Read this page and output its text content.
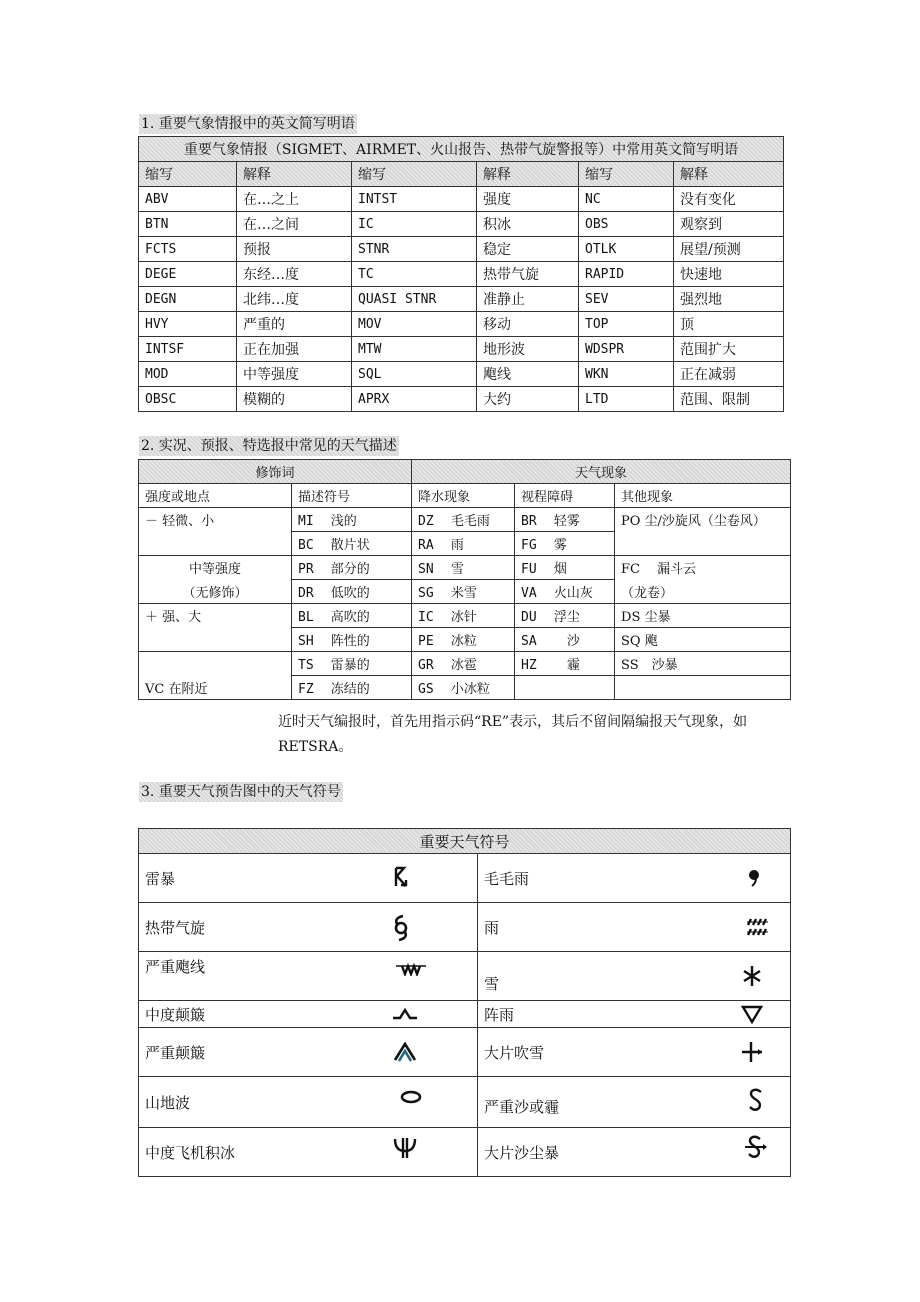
1. 重要气象情报中的英文简写明语
重要气象情报（SIGMET、AIRMET、火山报告、热带气旋警报等）中常用英文简写明语					
缩写	解释	缩写	解释	缩写	解释
ABV	在…之上	INTST	强度	NC	没有变化
BTN	在…之间	IC	积冰	OBS	观察到
FCTS	预报	STNR	稳定	OTLK	展望/预测
DEGE	东经…度	TC	热带气旋	RAPID	快速地
DEGN	北纬…度	QUASI STNR	准静止	SEV	强烈地
HVY	严重的	MOV	移动	TOP	顶
INTSF	正在加强	MTW	地形波	WDSPR	范围扩大
MOD	中等强度	SQL	飑线	WKN	正在减弱
OBSC	模糊的	APRX	大约	LTD	范围、限制
2. 实况、预报、特选报中常见的天气描述
修饰词		天气现象		
强度或地点	描述符号	降水现象	视程障碍	其他现象
－ 轻微、小	MI　 浅的	DZ　 毛毛雨	BR　 轻雾	PO 尘/沙旋风（尘卷风）
	BC　 散片状	RA　 雨	FG　 雾	
中等强度	PR　 部分的	SN　 雪	FU　 烟	FC　 漏斗云
（无修饰）	DR　 低吹的	SG　 米雪	VA　 火山灰	（龙卷）
＋ 强、大	BL　 高吹的	IC　 冰针	DU　 浮尘	DS 尘暴
	SH　 阵性的	PE　 冰粒	SA　　 沙	SQ 飑
	TS　 雷暴的	GR　 冰雹	HZ　　 霾	SS　沙暴
VC 在附近	FZ　 冻结的	GS　 小冰粒		
近时天气编报时，首先用指示码“RE”表示，其后不留间隔编报天气现象，如RETSRA。
3. 重要天气预告图中的天气符号
重要天气符号	
雷暴	毛毛雨

热带气旋	雨

严重飑线	雪

中度颠簸	阵雨

严重颠簸	大片吹雪

山地波	严重沙或霾

中度飞机积冰	大片沙尘暴
